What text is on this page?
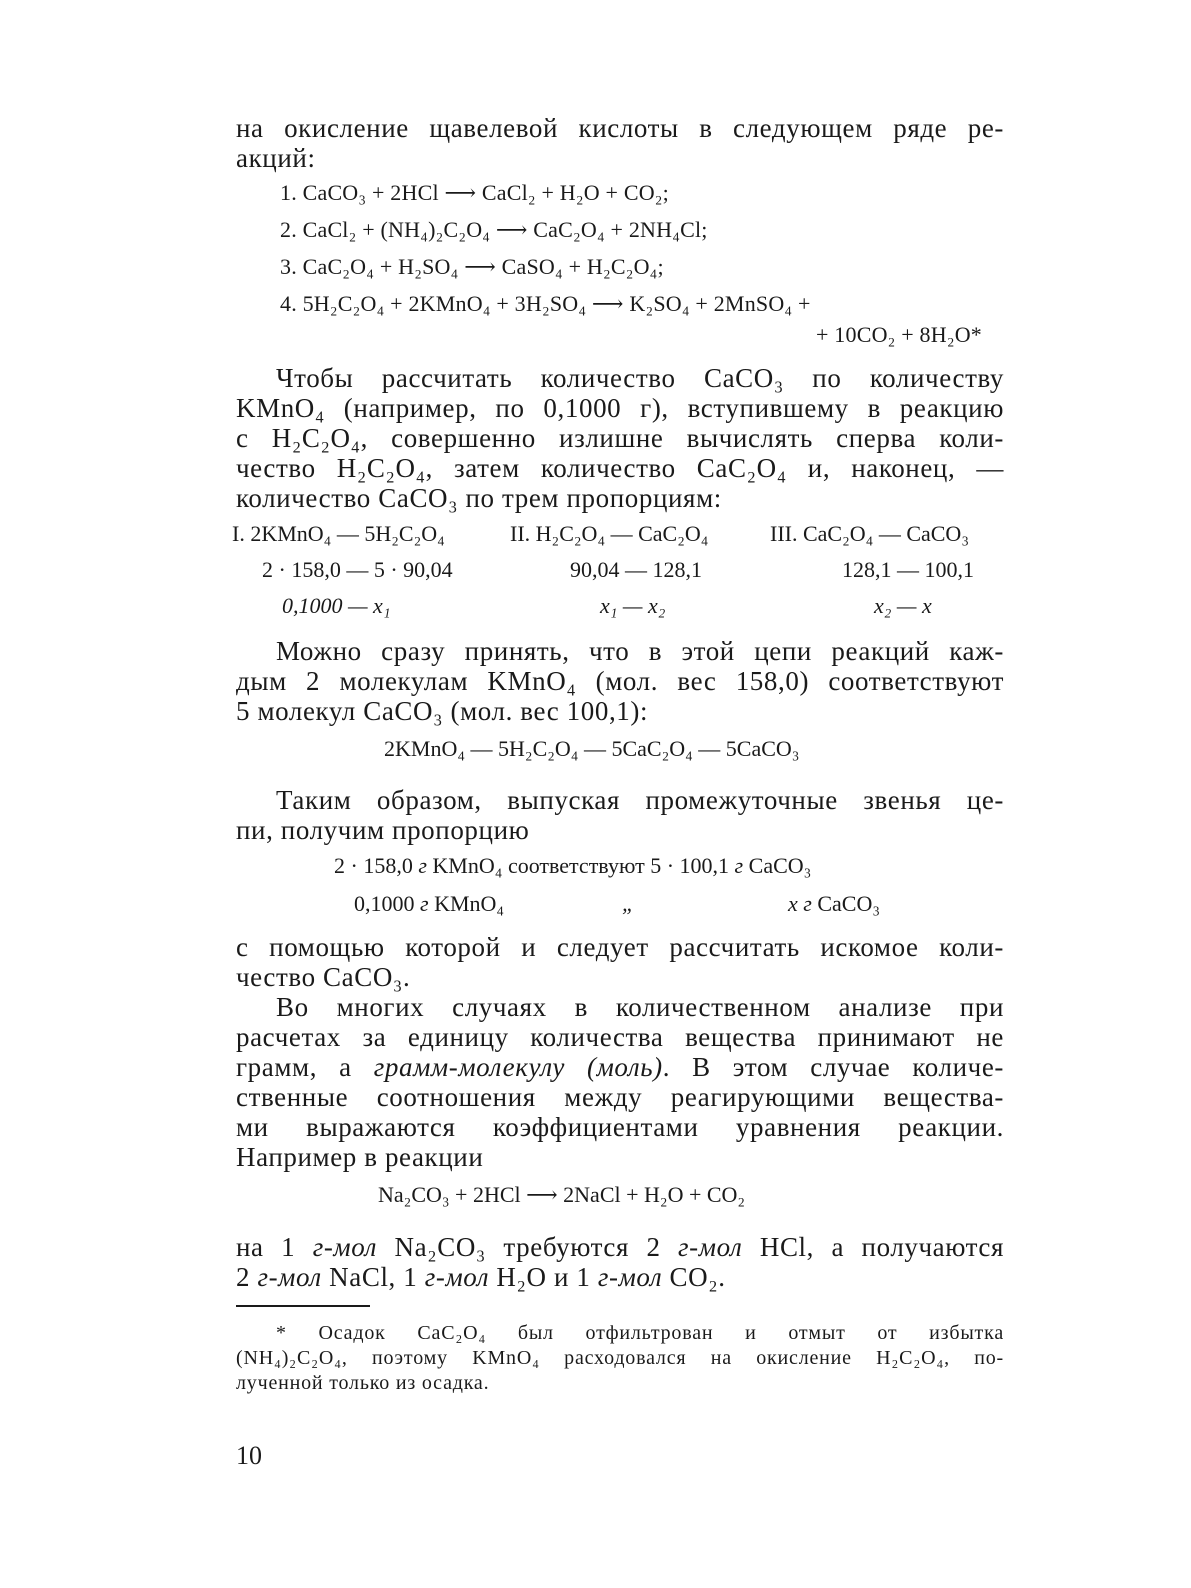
на окисление щавелевой кислоты в следующем ряде ре-

акций:

1. CaCO₃ + 2HCl ⟶ CaCl₂ + H₂O + CO₂;
2. CaCl₂ + (NH₄)₂C₂O₄ ⟶ CaC₂O₄ + 2NH₄Cl;
3. CaC₂O₄ + H₂SO₄ ⟶ CaSO₄ + H₂C₂O₄;
4. 5H₂C₂O₄ + 2KMnO₄ + 3H₂SO₄ ⟶ K₂SO₄ + 2MnSO₄ +
+ 10CO₂ + 8H₂O*

Чтобы рассчитать количество CaCO₃ по количеству

KMnO₄ (например, по 0,1000 г), вступившему в реакцию

с H₂C₂O₄, совершенно излишне вычислять сперва коли-

чество H₂C₂O₄, затем количество CaC₂O₄ и, наконец, —

количество CaCO₃ по трем пропорциям:

I. 2KMnO₄ — 5H₂C₂O₄
2 · 158,0 — 5 · 90,04
0,1000 — x₁
II. H₂C₂O₄ — CaC₂O₄
90,04 — 128,1
x₁ — x₂
III. CaC₂O₄ — CaCO₃
128,1 — 100,1
x₂ — x

Можно сразу принять, что в этой цепи реакций каж-

дым 2 молекулам KMnO₄ (мол. вес 158,0) соответствуют

5 молекул CaCO₃ (мол. вес 100,1):

2KMnO₄ — 5H₂C₂O₄ — 5CaC₂O₄ — 5CaCO₃

Таким образом, выпуская промежуточные звенья це-

пи, получим пропорцию

2 · 158,0 г KMnO₄ соответствуют 5 · 100,1 г CaCO₃
0,1000 г KMnO₄	„	x г CaCO₃

с помощью которой и следует рассчитать искомое коли-

чество CaCO₃.

Во многих случаях в количественном анализе при

расчетах за единицу количества вещества принимают не

грамм, а грамм-молекулу (моль). В этом случае количе-

ственные соотношения между реагирующими вещества-

ми выражаются коэффициентами уравнения реакции.

Например в реакции

Na₂CO₃ + 2HCl ⟶ 2NaCl + H₂O + CO₂

на 1 г-мол Na₂CO₃ требуются 2 г-мол HCl, а получаются

2 г-мол NaCl, 1 г-мол H₂O и 1 г-мол CO₂.

* Осадок CaC₂O₄ был отфильтрован и отмыт от избытка

(NH₄)₂C₂O₄, поэтому KMnO₄ расходовался на окисление H₂C₂O₄, по-

лученной только из осадка.

10
